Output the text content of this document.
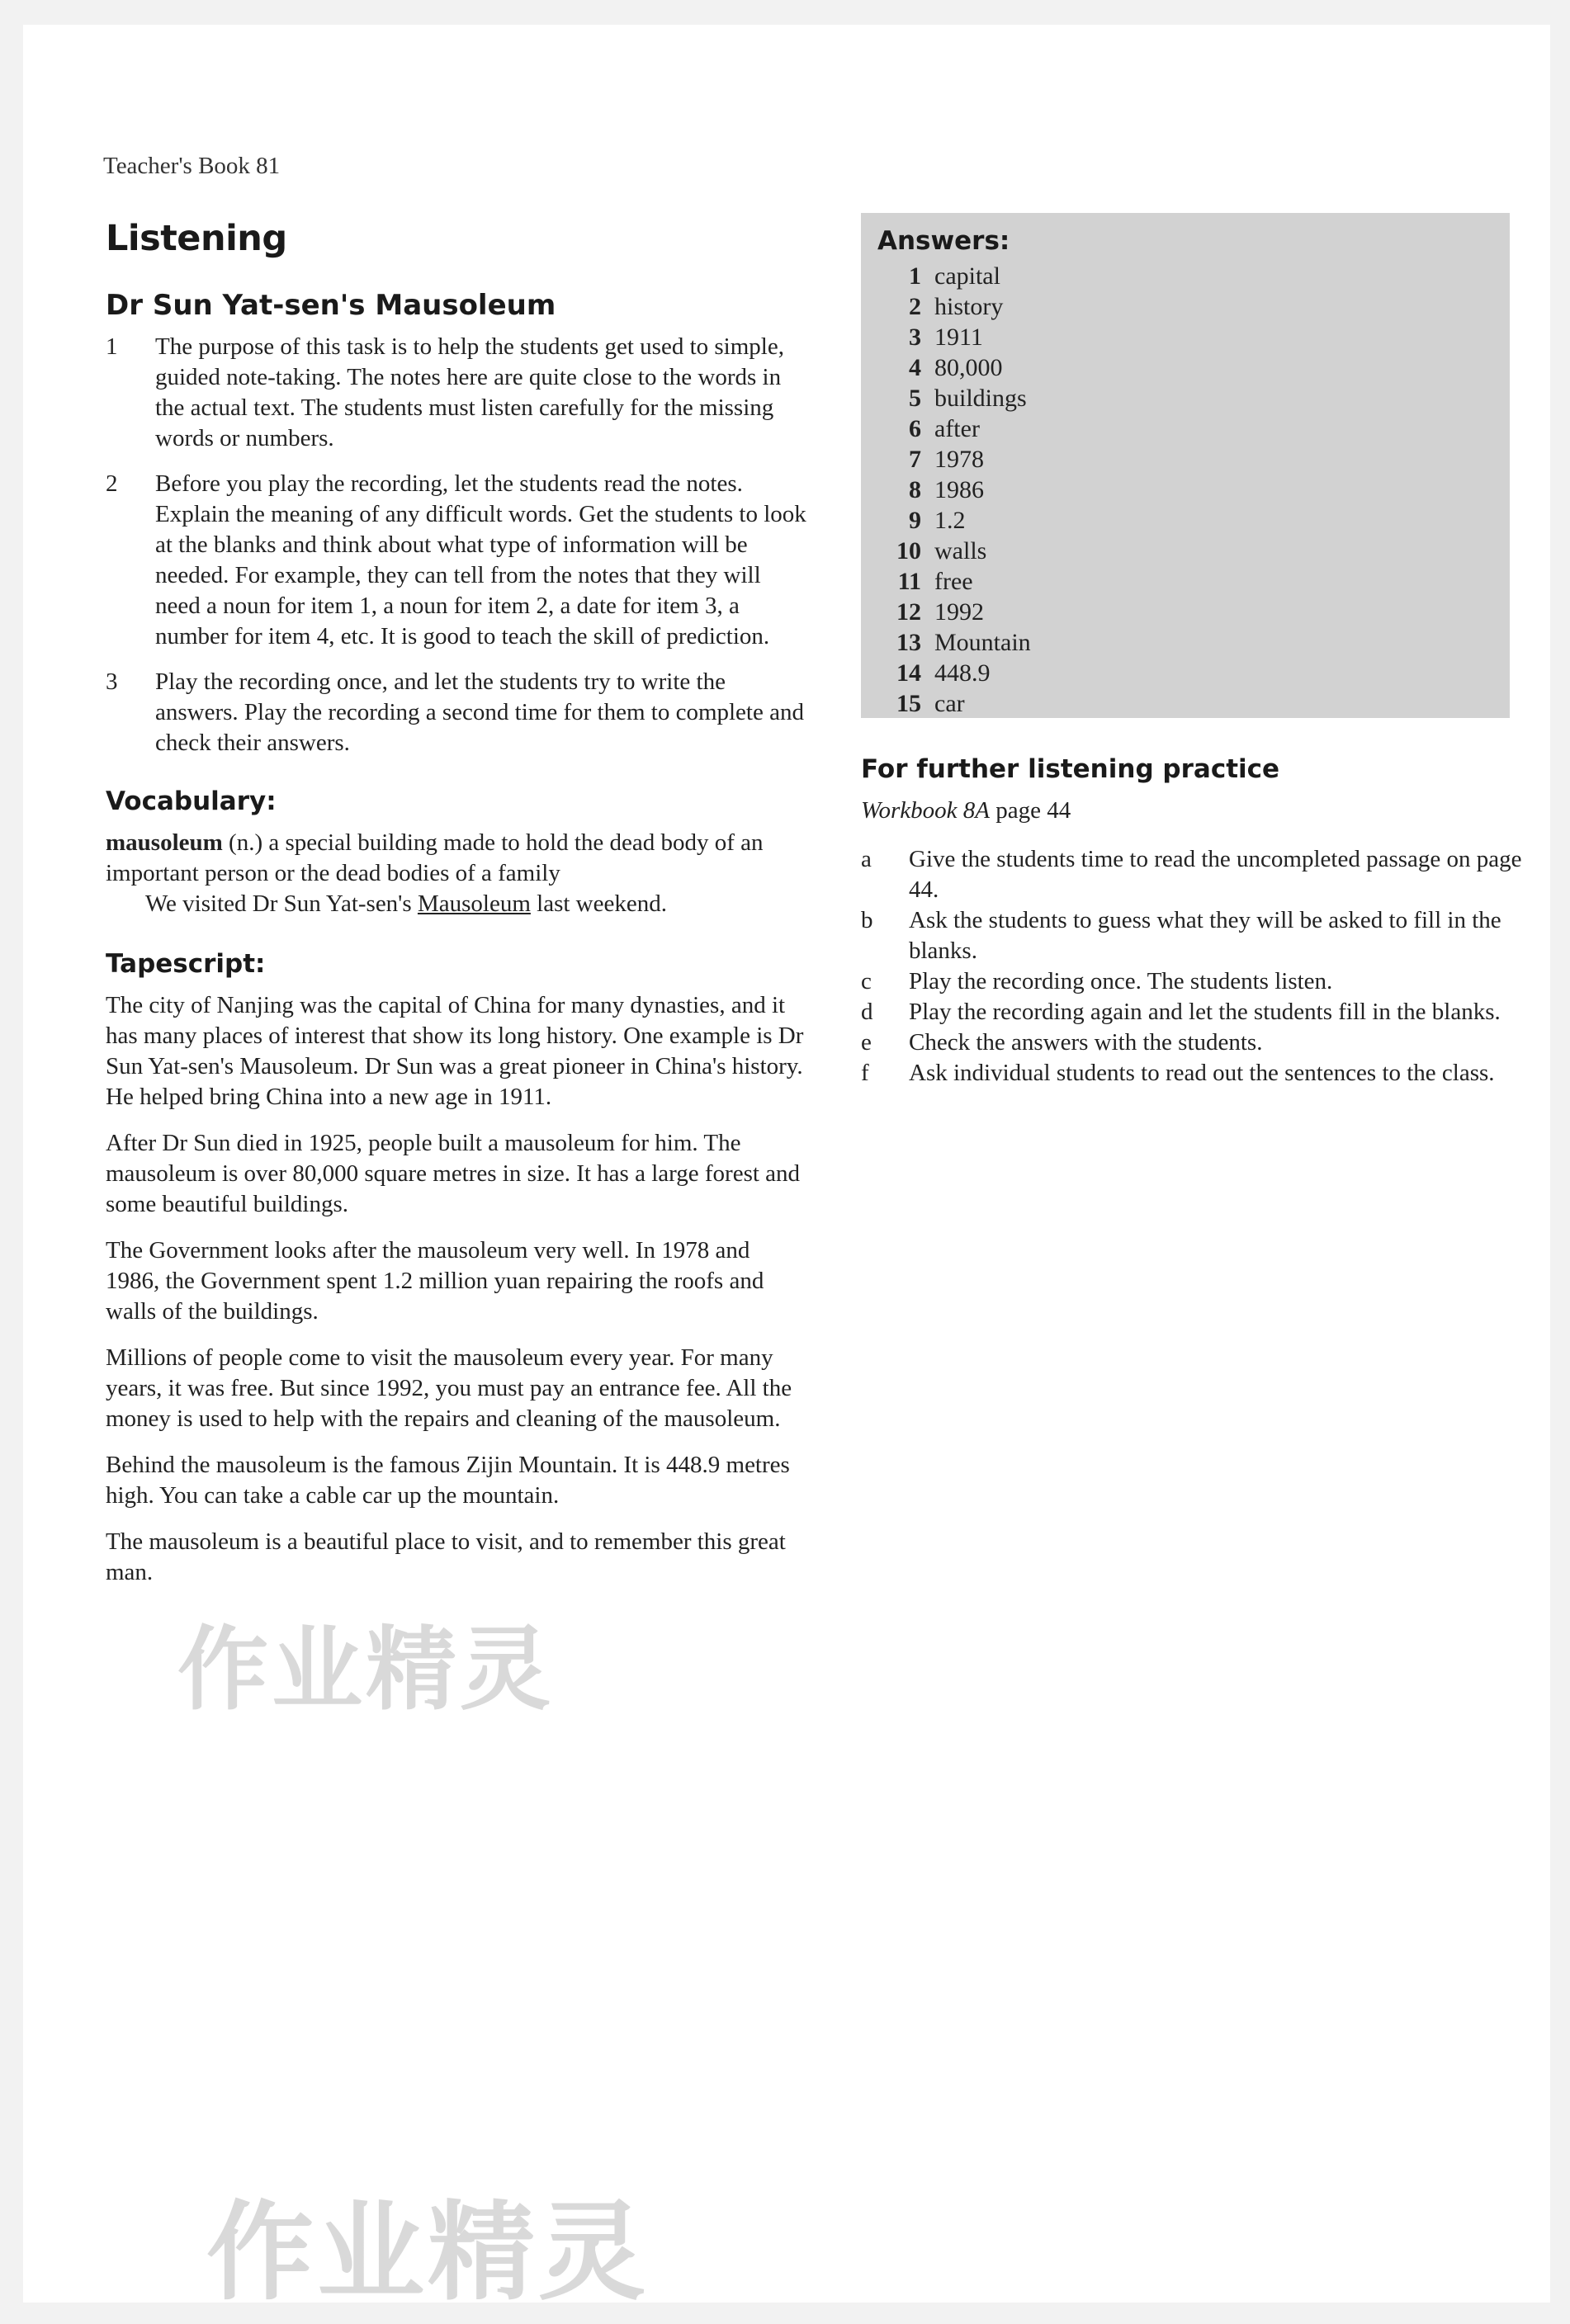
Teacher's Book 81
Listening
Dr Sun Yat-sen's Mausoleum
1	The purpose of this task is to help the students get used to simple, guided note-taking. The notes here are quite close to the words in the actual text. The students must listen carefully for the missing words or numbers.
2	Before you play the recording, let the students read the notes. Explain the meaning of any difficult words. Get the students to look at the blanks and think about what type of information will be needed. For example, they can tell from the notes that they will need a noun for item 1, a noun for item 2, a date for item 3, a number for item 4, etc. It is good to teach the skill of prediction.
3	Play the recording once, and let the students try to write the answers. Play the recording a second time for them to complete and check their answers.
Vocabulary:

mausoleum (n.) a special building made to hold the dead body of an important person or the dead bodies of a family

We visited Dr Sun Yat-sen's Mausoleum last weekend.

Tapescript:

The city of Nanjing was the capital of China for many dynasties, and it has many places of interest that show its long history. One example is Dr Sun Yat-sen's Mausoleum. Dr Sun was a great pioneer in China's history. He helped bring China into a new age in 1911.

After Dr Sun died in 1925, people built a mausoleum for him. The mausoleum is over 80,000 square metres in size. It has a large forest and some beautiful buildings.

The Government looks after the mausoleum very well. In 1978 and 1986, the Government spent 1.2 million yuan repairing the roofs and walls of the buildings.

Millions of people come to visit the mausoleum every year. For many years, it was free. But since 1992, you must pay an entrance fee. All the money is used to help with the repairs and cleaning of the mausoleum.

Behind the mausoleum is the famous Zijin Mountain. It is 448.9 metres high. You can take a cable car up the mountain.

The mausoleum is a beautiful place to visit, and to remember this great man.

Answers:
1 capital
2 history
3 1911
4 80,000
5 buildings
6 after
7 1978
8 1986
9 1.2
10 walls
11 free
12 1992
13 Mountain
14 448.9
15 car
For further listening practice
Workbook 8A page 44
a	Give the students time to read the uncompleted passage on page 44.
b	Ask the students to guess what they will be asked to fill in the blanks.
c	Play the recording once. The students listen.
d	Play the recording again and let the students fill in the blanks.
e	Check the answers with the students.
f	Ask individual students to read out the sentences to the class.
作业精灵
作业精灵
